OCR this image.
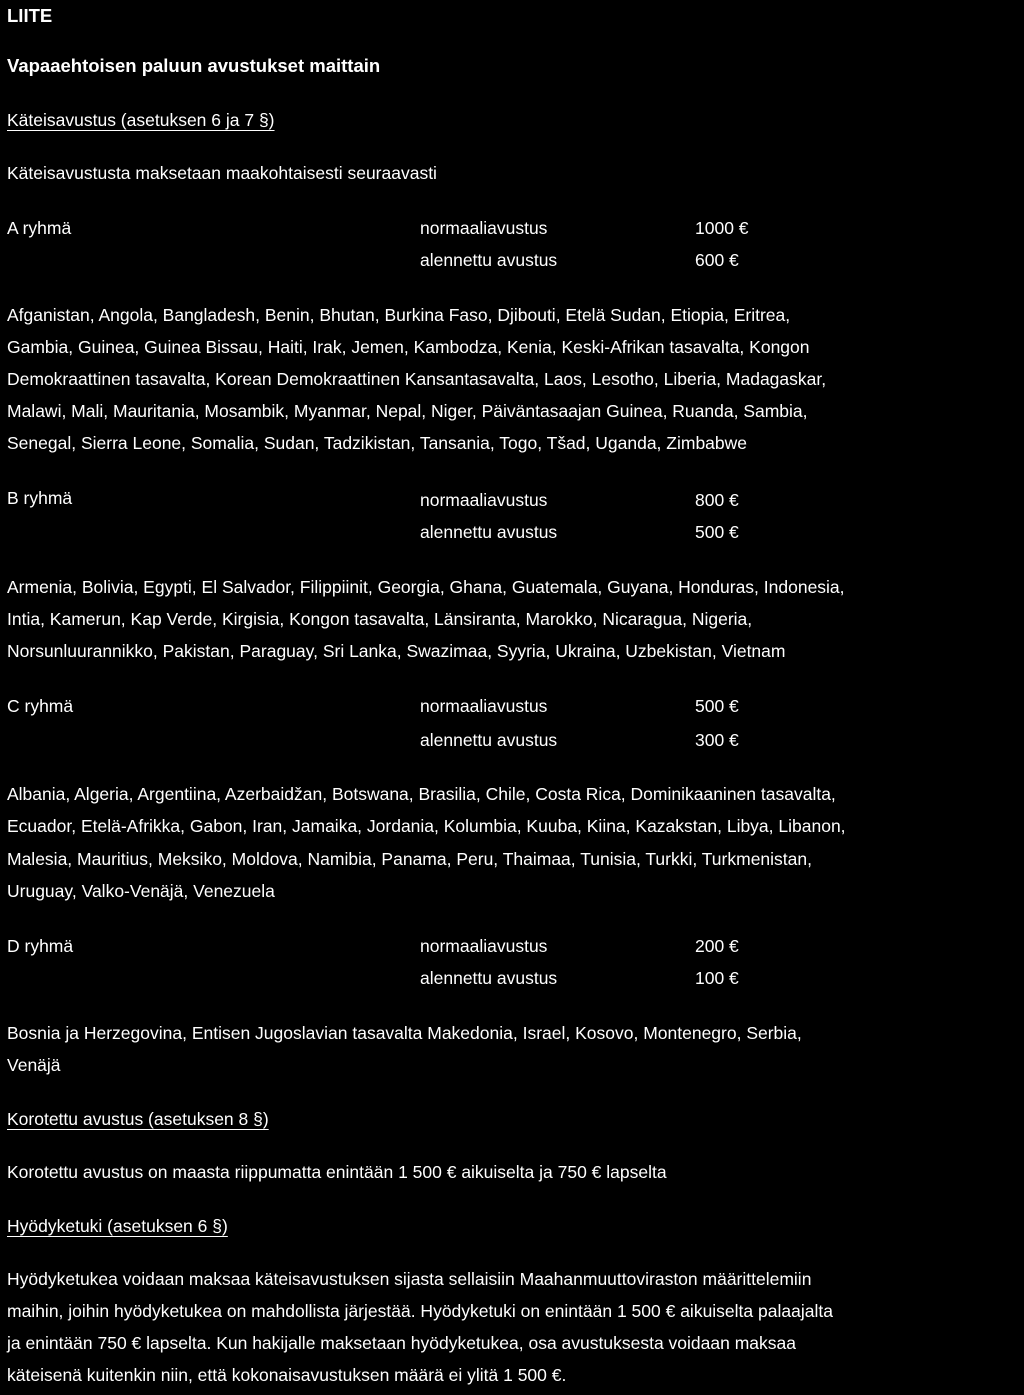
LIITE
Vapaaehtoisen paluun avustukset maittain
Käteisavustus (asetuksen 6 ja 7 §)
Käteisavustusta maksetaan maakohtaisesti seuraavasti
A ryhmä	normaaliavustus	1000 €
alennettu avustus	600 €
Afganistan, Angola, Bangladesh, Benin, Bhutan, Burkina Faso, Djibouti, Etelä Sudan, Etiopia, Eritrea,
Gambia, Guinea, Guinea Bissau, Haiti, Irak, Jemen, Kambodza, Kenia, Keski-Afrikan tasavalta, Kongon
Demokraattinen tasavalta, Korean Demokraattinen Kansantasavalta, Laos, Lesotho, Liberia, Madagaskar,
Malawi, Mali, Mauritania, Mosambik, Myanmar, Nepal, Niger, Päiväntasaajan Guinea, Ruanda, Sambia,
Senegal, Sierra Leone, Somalia, Sudan, Tadzikistan, Tansania, Togo, Tšad, Uganda, Zimbabwe
B ryhmä	normaaliavustus	800 €
alennettu avustus	500 €
Armenia, Bolivia, Egypti, El Salvador, Filippiinit, Georgia, Ghana, Guatemala, Guyana, Honduras, Indonesia,
Intia, Kamerun, Kap Verde, Kirgisia, Kongon tasavalta, Länsiranta, Marokko, Nicaragua, Nigeria,
Norsunluurannikko, Pakistan, Paraguay, Sri Lanka, Swazimaa, Syyria, Ukraina, Uzbekistan, Vietnam
C ryhmä	normaaliavustus	500 €
alennettu avustus	300 €
Albania, Algeria, Argentiina, Azerbaidžan, Botswana, Brasilia, Chile, Costa Rica, Dominikaaninen tasavalta,
Ecuador, Etelä-Afrikka, Gabon, Iran, Jamaika, Jordania, Kolumbia, Kuuba, Kiina, Kazakstan, Libya, Libanon,
Malesia, Mauritius, Meksiko, Moldova, Namibia, Panama, Peru, Thaimaa, Tunisia, Turkki, Turkmenistan,
Uruguay, Valko-Venäjä, Venezuela
D ryhmä	normaaliavustus	200 €
alennettu avustus	100 €
Bosnia ja Herzegovina, Entisen Jugoslavian tasavalta Makedonia, Israel, Kosovo, Montenegro, Serbia,
Venäjä
Korotettu avustus (asetuksen 8 §)
Korotettu avustus on maasta riippumatta enintään 1 500 € aikuiselta ja 750 € lapselta
Hyödyketuki (asetuksen 6 §)
Hyödyketukea voidaan maksaa käteisavustuksen sijasta sellaisiin Maahanmuuttoviraston määrittelemiin
maihin, joihin hyödyketukea on mahdollista järjestää. Hyödyketuki on enintään 1 500 € aikuiselta palaajalta
ja enintään 750 € lapselta. Kun hakijalle maksetaan hyödyketukea, osa avustuksesta voidaan maksaa
käteisenä kuitenkin niin, että kokonaisavustuksen määrä ei ylitä 1 500 €.
